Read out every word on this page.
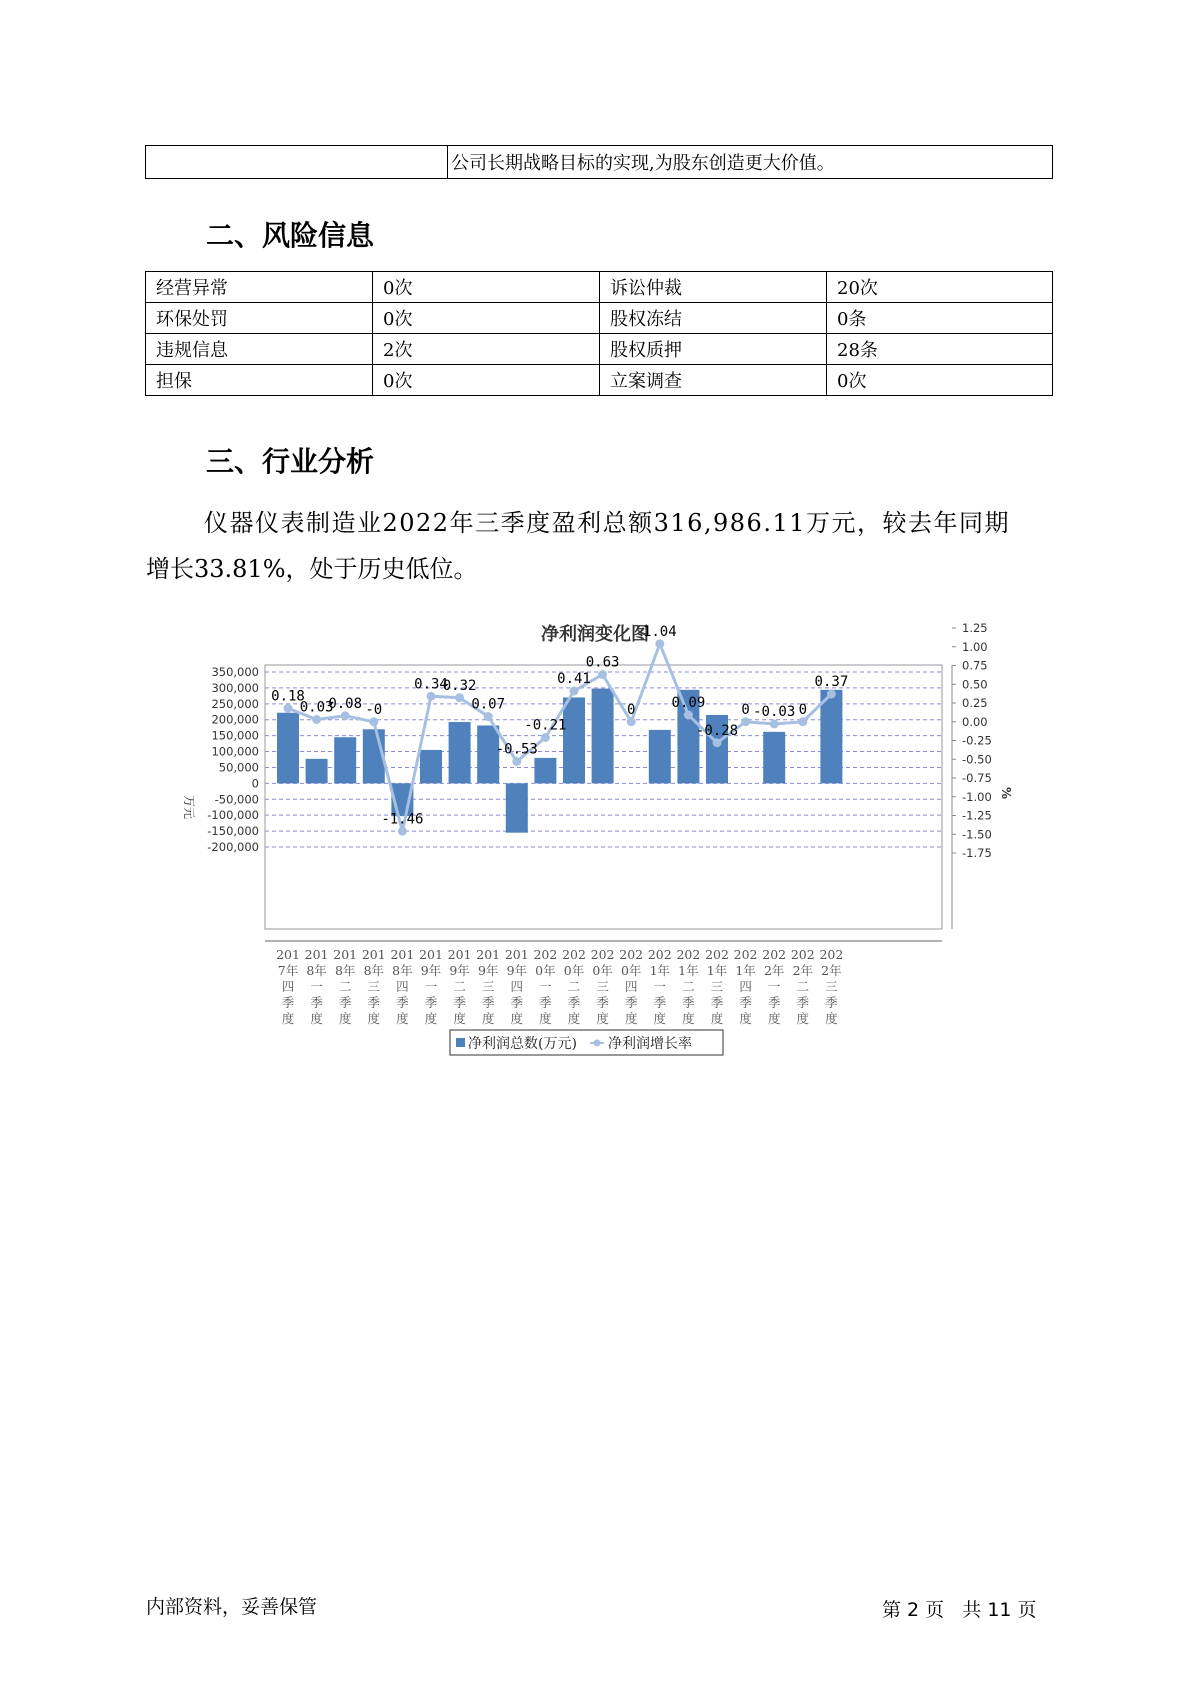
	公司长期战略目标的实现,为股东创造更大价值。
二、风险信息
经营异常	0次	诉讼仲裁	20次
环保处罚	0次	股权冻结	0条
违规信息	2次	股权质押	28条
担保	0次	立案调查	0次
三、行业分析
仪器仪表制造业2022年三季度盈利总额316,986.11万元，较去年同期
增长33.81%，处于历史低位。
净利润变化图
350,000
300,000
250,000
200,000
150,000
100,000
50,000
0
-50,000
-100,000
-150,000
-200,000
1.25
1.00
0.75
0.50
0.25
0.00
-0.25
-0.50
-0.75
-1.00
-1.25
-1.50
-1.75
万元
%
0.18
0.03
0.08 -0
-1.46
0.34
0.32
0.07
-0.53
-0.21
0.41
0.63
0
1.04
0.09
-0.28
0 -0.03 0
0.37
201 7年四季度
201 8年一季度
201 8年二季度
201 8年三季度
201 8年四季度
201 9年一季度
201 9年二季度
201 9年三季度
201 9年四季度
202 0年一季度
202 0年二季度
202 0年三季度
202 0年四季度
202 1年一季度
202 1年二季度
202 1年三季度
202 1年四季度
202 2年一季度
202 2年二季度
202 2年三季度
净利润总数(万元) 净利润增长率
内部资料，妥善保管	第 2 页   共 11 页
